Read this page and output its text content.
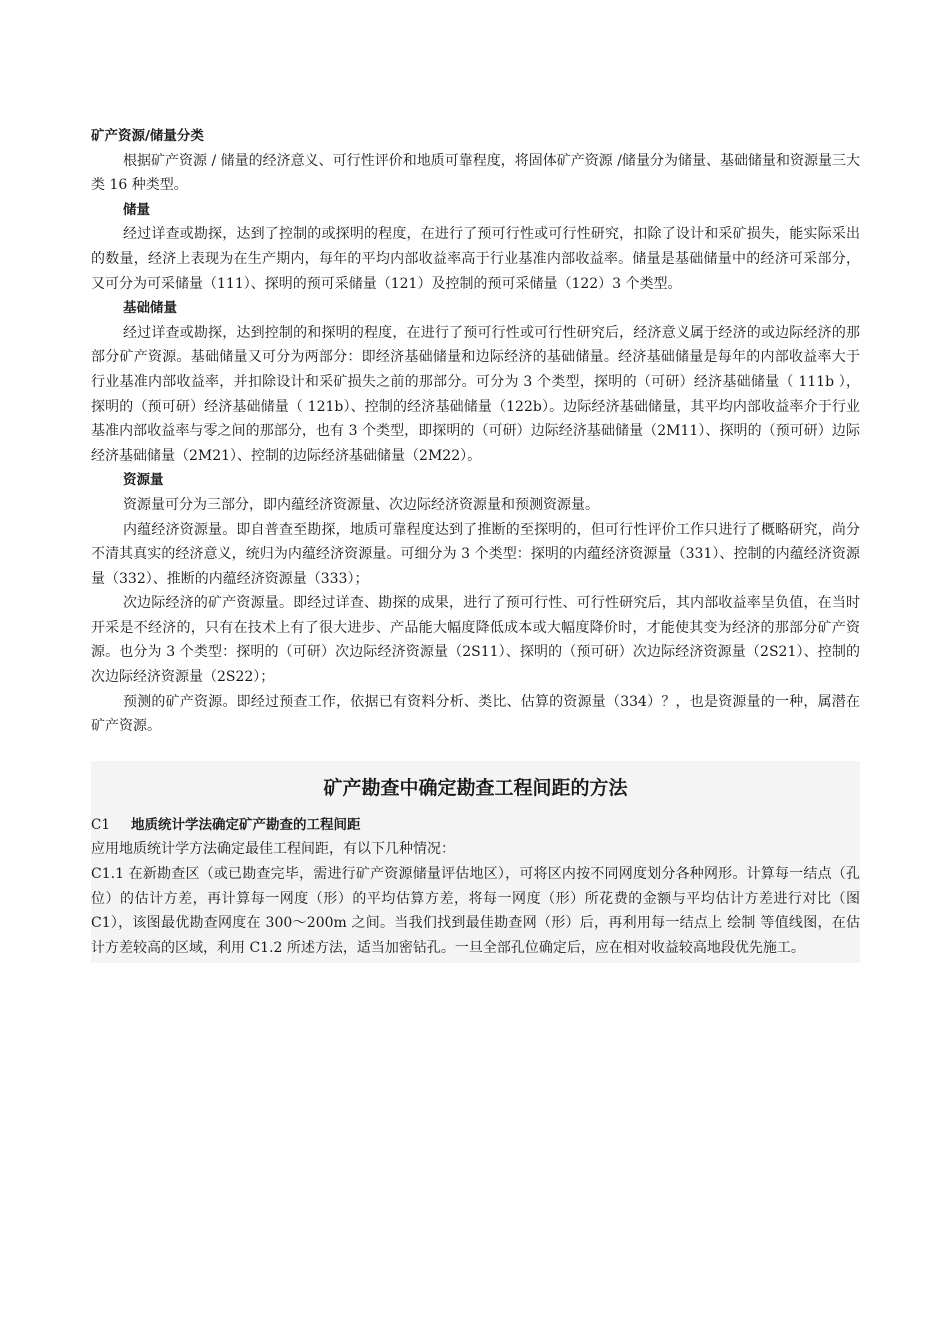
矿产资源/储量分类

根据矿产资源 / 储量的经济意义、可行性评价和地质可靠程度，将固体矿产资源 /储量分为储量、基础储量和资源量三大类 16 种类型。

储量

经过详查或勘探，达到了控制的或探明的程度，在进行了预可行性或可行性研究，扣除了设计和采矿损失，能实际采出的数量，经济上表现为在生产期内，每年的平均内部收益率高于行业基准内部收益率。储量是基础储量中的经济可采部分，又可分为可采储量（111）、探明的预可采储量（121）及控制的预可采储量（122）3 个类型。

基础储量

经过详查或勘探，达到控制的和探明的程度，在进行了预可行性或可行性研究后，经济意义属于经济的或边际经济的那部分矿产资源。基础储量又可分为两部分：即经济基础储量和边际经济的基础储量。经济基础储量是每年的内部收益率大于行业基准内部收益率，并扣除设计和采矿损失之前的那部分。可分为 3 个类型，探明的（可研）经济基础储量（ 111b ），探明的（预可研）经济基础储量（ 121b）、控制的经济基础储量（122b）。边际经济基础储量，其平均内部收益率介于行业基准内部收益率与零之间的那部分，也有 3 个类型，即探明的（可研）边际经济基础储量（2M11）、探明的（预可研）边际经济基础储量（2M21）、控制的边际经济基础储量（2M22）。

资源量

资源量可分为三部分，即内蕴经济资源量、次边际经济资源量和预测资源量。

内蕴经济资源量。即自普查至勘探，地质可靠程度达到了推断的至探明的，但可行性评价工作只进行了概略研究，尚分不清其真实的经济意义，统归为内蕴经济资源量。可细分为 3 个类型：探明的内蕴经济资源量（331）、控制的内蕴经济资源量（332）、推断的内蕴经济资源量（333）；

次边际经济的矿产资源量。即经过详查、勘探的成果，进行了预可行性、可行性研究后，其内部收益率呈负值，在当时开采是不经济的，只有在技术上有了很大进步、产品能大幅度降低成本或大幅度降价时，才能使其变为经济的那部分矿产资源。也分为 3 个类型：探明的（可研）次边际经济资源量（2S11）、探明的（预可研）次边际经济资源量（2S21）、控制的次边际经济资源量（2S22）；

预测的矿产资源。即经过预查工作，依据已有资料分析、类比、估算的资源量（334）？，也是资源量的一种，属潜在矿产资源。

矿产勘查中确定勘查工程间距的方法

C1 地质统计学法确定矿产勘查的工程间距

应用地质统计学方法确定最佳工程间距，有以下几种情况：

C1.1 在新勘查区（或已勘查完毕，需进行矿产资源储量评估地区），可将区内按不同网度划分各种网形。计算每一结点（孔位）的估计方差，再计算每一网度（形）的平均估算方差，将每一网度（形）所花费的金额与平均估计方差进行对比（图 C1），该图最优勘查网度在 300～200m 之间。当我们找到最佳勘查网（形）后，再利用每一结点上 绘制 等值线图，在估计方差较高的区域，利用 C1.2 所述方法，适当加密钻孔。一旦全部孔位确定后，应在相对收益较高地段优先施工。
